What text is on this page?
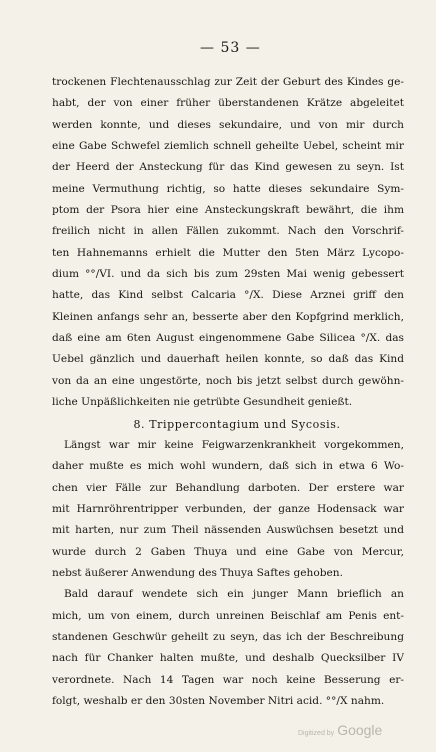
— 53 —
trockenen Flechtenausschlag zur Zeit der Geburt des Kindes ge-
habt, der von einer früher überstandenen Krätze abgeleitet
werden konnte, und dieses sekundaire, und von mir durch
eine Gabe Schwefel ziemlich schnell geheilte Uebel, scheint mir
der Heerd der Ansteckung für das Kind gewesen zu seyn. Ist
meine Vermuthung richtig, so hatte dieses sekundaire Sym-
ptom der Psora hier eine Ansteckungskraft bewährt, die ihm
freilich nicht in allen Fällen zukommt. Nach den Vorschrif-
ten Hahnemanns erhielt die Mutter den 5ten März Lycopo-
dium °°/VI. und da sich bis zum 29sten Mai wenig gebessert
hatte, das Kind selbst Calcaria °/X. Diese Arznei griff den
Kleinen anfangs sehr an, besserte aber den Kopfgrind merklich,
daß eine am 6ten August eingenommene Gabe Silicea °/X. das
Uebel gänzlich und dauerhaft heilen konnte, so daß das Kind
von da an eine ungestörte, noch bis jetzt selbst durch gewöhn-
liche Unpäßlichkeiten nie getrübte Gesundheit genießt.
8. Trippercontagium und Sycosis.
Längst war mir keine Feigwarzenkrankheit vorgekommen,
daher mußte es mich wohl wundern, daß sich in etwa 6 Wo-
chen vier Fälle zur Behandlung darboten. Der erstere war
mit Harnröhrentripper verbunden, der ganze Hodensack war
mit harten, nur zum Theil nässenden Auswüchsen besetzt und
wurde durch 2 Gaben Thuya und eine Gabe von Mercur,
nebst äußerer Anwendung des Thuya Saftes gehoben.
Bald darauf wendete sich ein junger Mann brieflich an
mich, um von einem, durch unreinen Beischlaf am Penis ent-
standenen Geschwür geheilt zu seyn, das ich der Beschreibung
nach für Chanker halten mußte, und deshalb Quecksilber IV
verordnete. Nach 14 Tagen war noch keine Besserung er-
folgt, weshalb er den 30sten November Nitri acid. °°/X nahm.
Digitized by Google
